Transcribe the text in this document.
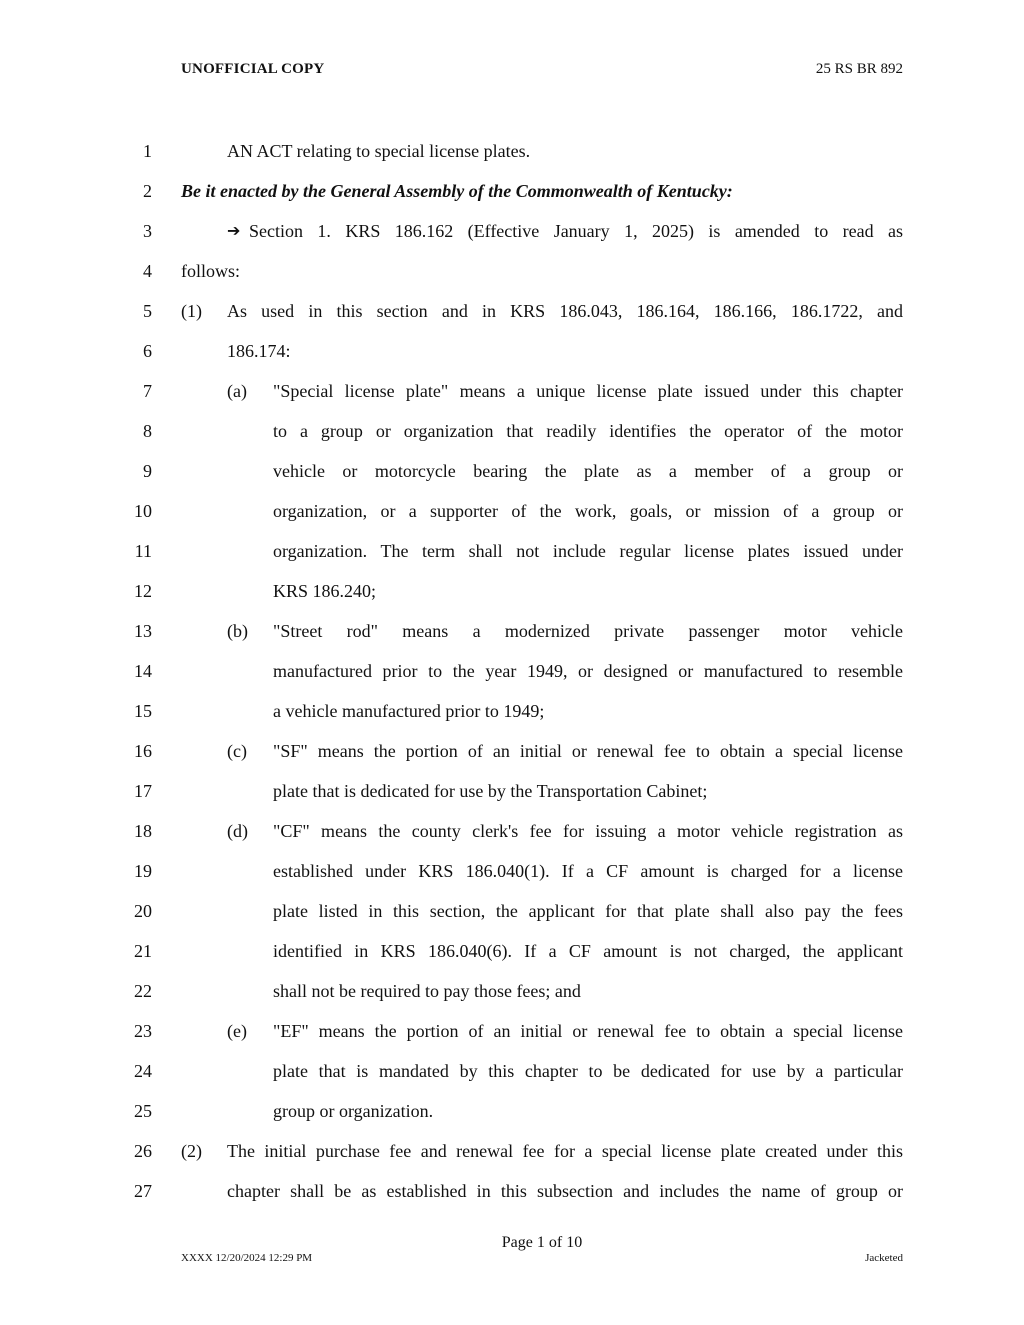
UNOFFICIAL COPY	25 RS BR 892
1
2
3
4
5
6
7
8
9
10
11
12
13
14
15
16
17
18
19
20
21
22
23
24
25
26
27
AN ACT relating to special license plates.
Be it enacted by the General Assembly of the Commonwealth of Kentucky:
➔ Section 1. KRS 186.162 (Effective January 1, 2025) is amended to read as
follows:
(1) As used in this section and in KRS 186.043, 186.164, 186.166, 186.1722, and
186.174:
(a) "Special license plate" means a unique license plate issued under this chapter
to a group or organization that readily identifies the operator of the motor
vehicle or motorcycle bearing the plate as a member of a group or
organization, or a supporter of the work, goals, or mission of a group or
organization. The term shall not include regular license plates issued under
KRS 186.240;
(b) "Street rod" means a modernized private passenger motor vehicle
manufactured prior to the year 1949, or designed or manufactured to resemble
a vehicle manufactured prior to 1949;
(c) "SF" means the portion of an initial or renewal fee to obtain a special license
plate that is dedicated for use by the Transportation Cabinet;
(d) "CF" means the county clerk's fee for issuing a motor vehicle registration as
established under KRS 186.040(1). If a CF amount is charged for a license
plate listed in this section, the applicant for that plate shall also pay the fees
identified in KRS 186.040(6). If a CF amount is not charged, the applicant
shall not be required to pay those fees; and
(e) "EF" means the portion of an initial or renewal fee to obtain a special license
plate that is mandated by this chapter to be dedicated for use by a particular
group or organization.
(2) The initial purchase fee and renewal fee for a special license plate created under this
chapter shall be as established in this subsection and includes the name of group or
Page 1 of 10
XXXX 12/20/2024 12:29 PM	Jacketed
